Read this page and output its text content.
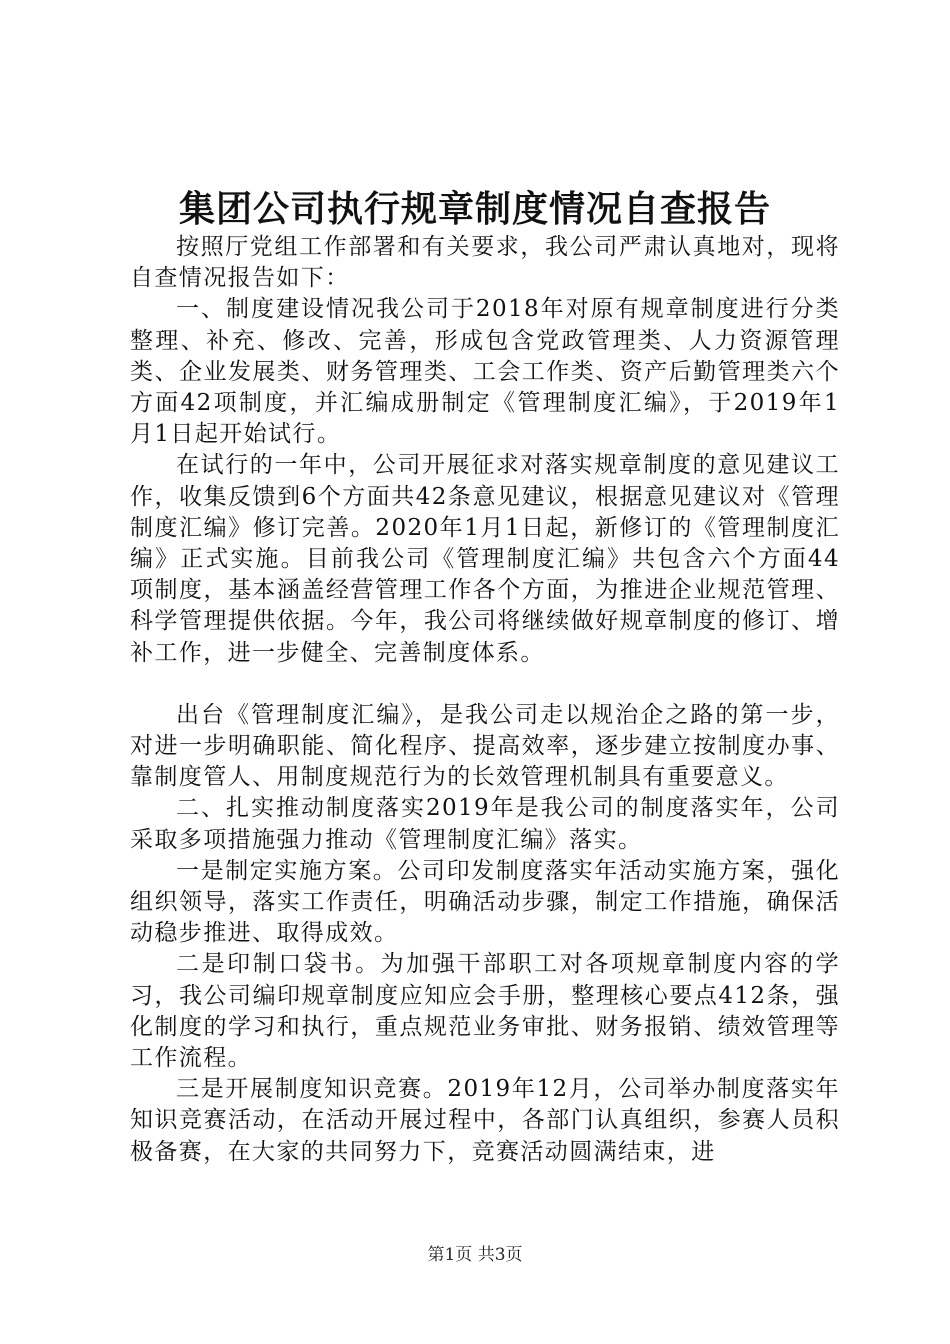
集团公司执行规章制度情况自查报告

按照厅党组工作部署和有关要求，我公司严肃认真地对，现将自查情况报告如下：

一、制度建设情况我公司于2018年对原有规章制度进行分类整理、补充、修改、完善，形成包含党政管理类、人力资源管理类、企业发展类、财务管理类、工会工作类、资产后勤管理类六个方面42项制度，并汇编成册制定《管理制度汇编》，于2019年1月1日起开始试行。

在试行的一年中，公司开展征求对落实规章制度的意见建议工作，收集反馈到6个方面共42条意见建议，根据意见建议对《管理制度汇编》修订完善。2020年1月1日起，新修订的《管理制度汇编》正式实施。目前我公司《管理制度汇编》共包含六个方面44项制度，基本涵盖经营管理工作各个方面，为推进企业规范管理、科学管理提供依据。今年，我公司将继续做好规章制度的修订、增补工作，进一步健全、完善制度体系。

出台《管理制度汇编》，是我公司走以规治企之路的第一步，对进一步明确职能、简化程序、提高效率，逐步建立按制度办事、靠制度管人、用制度规范行为的长效管理机制具有重要意义。

二、扎实推动制度落实2019年是我公司的制度落实年，公司采取多项措施强力推动《管理制度汇编》落实。

一是制定实施方案。公司印发制度落实年活动实施方案，强化组织领导，落实工作责任，明确活动步骤，制定工作措施，确保活动稳步推进、取得成效。

二是印制口袋书。为加强干部职工对各项规章制度内容的学习，我公司编印规章制度应知应会手册，整理核心要点412条，强化制度的学习和执行，重点规范业务审批、财务报销、绩效管理等工作流程。

三是开展制度知识竞赛。2019年12月，公司举办制度落实年知识竞赛活动，在活动开展过程中，各部门认真组织，参赛人员积极备赛，在大家的共同努力下，竞赛活动圆满结束，进

第1页 共3页
